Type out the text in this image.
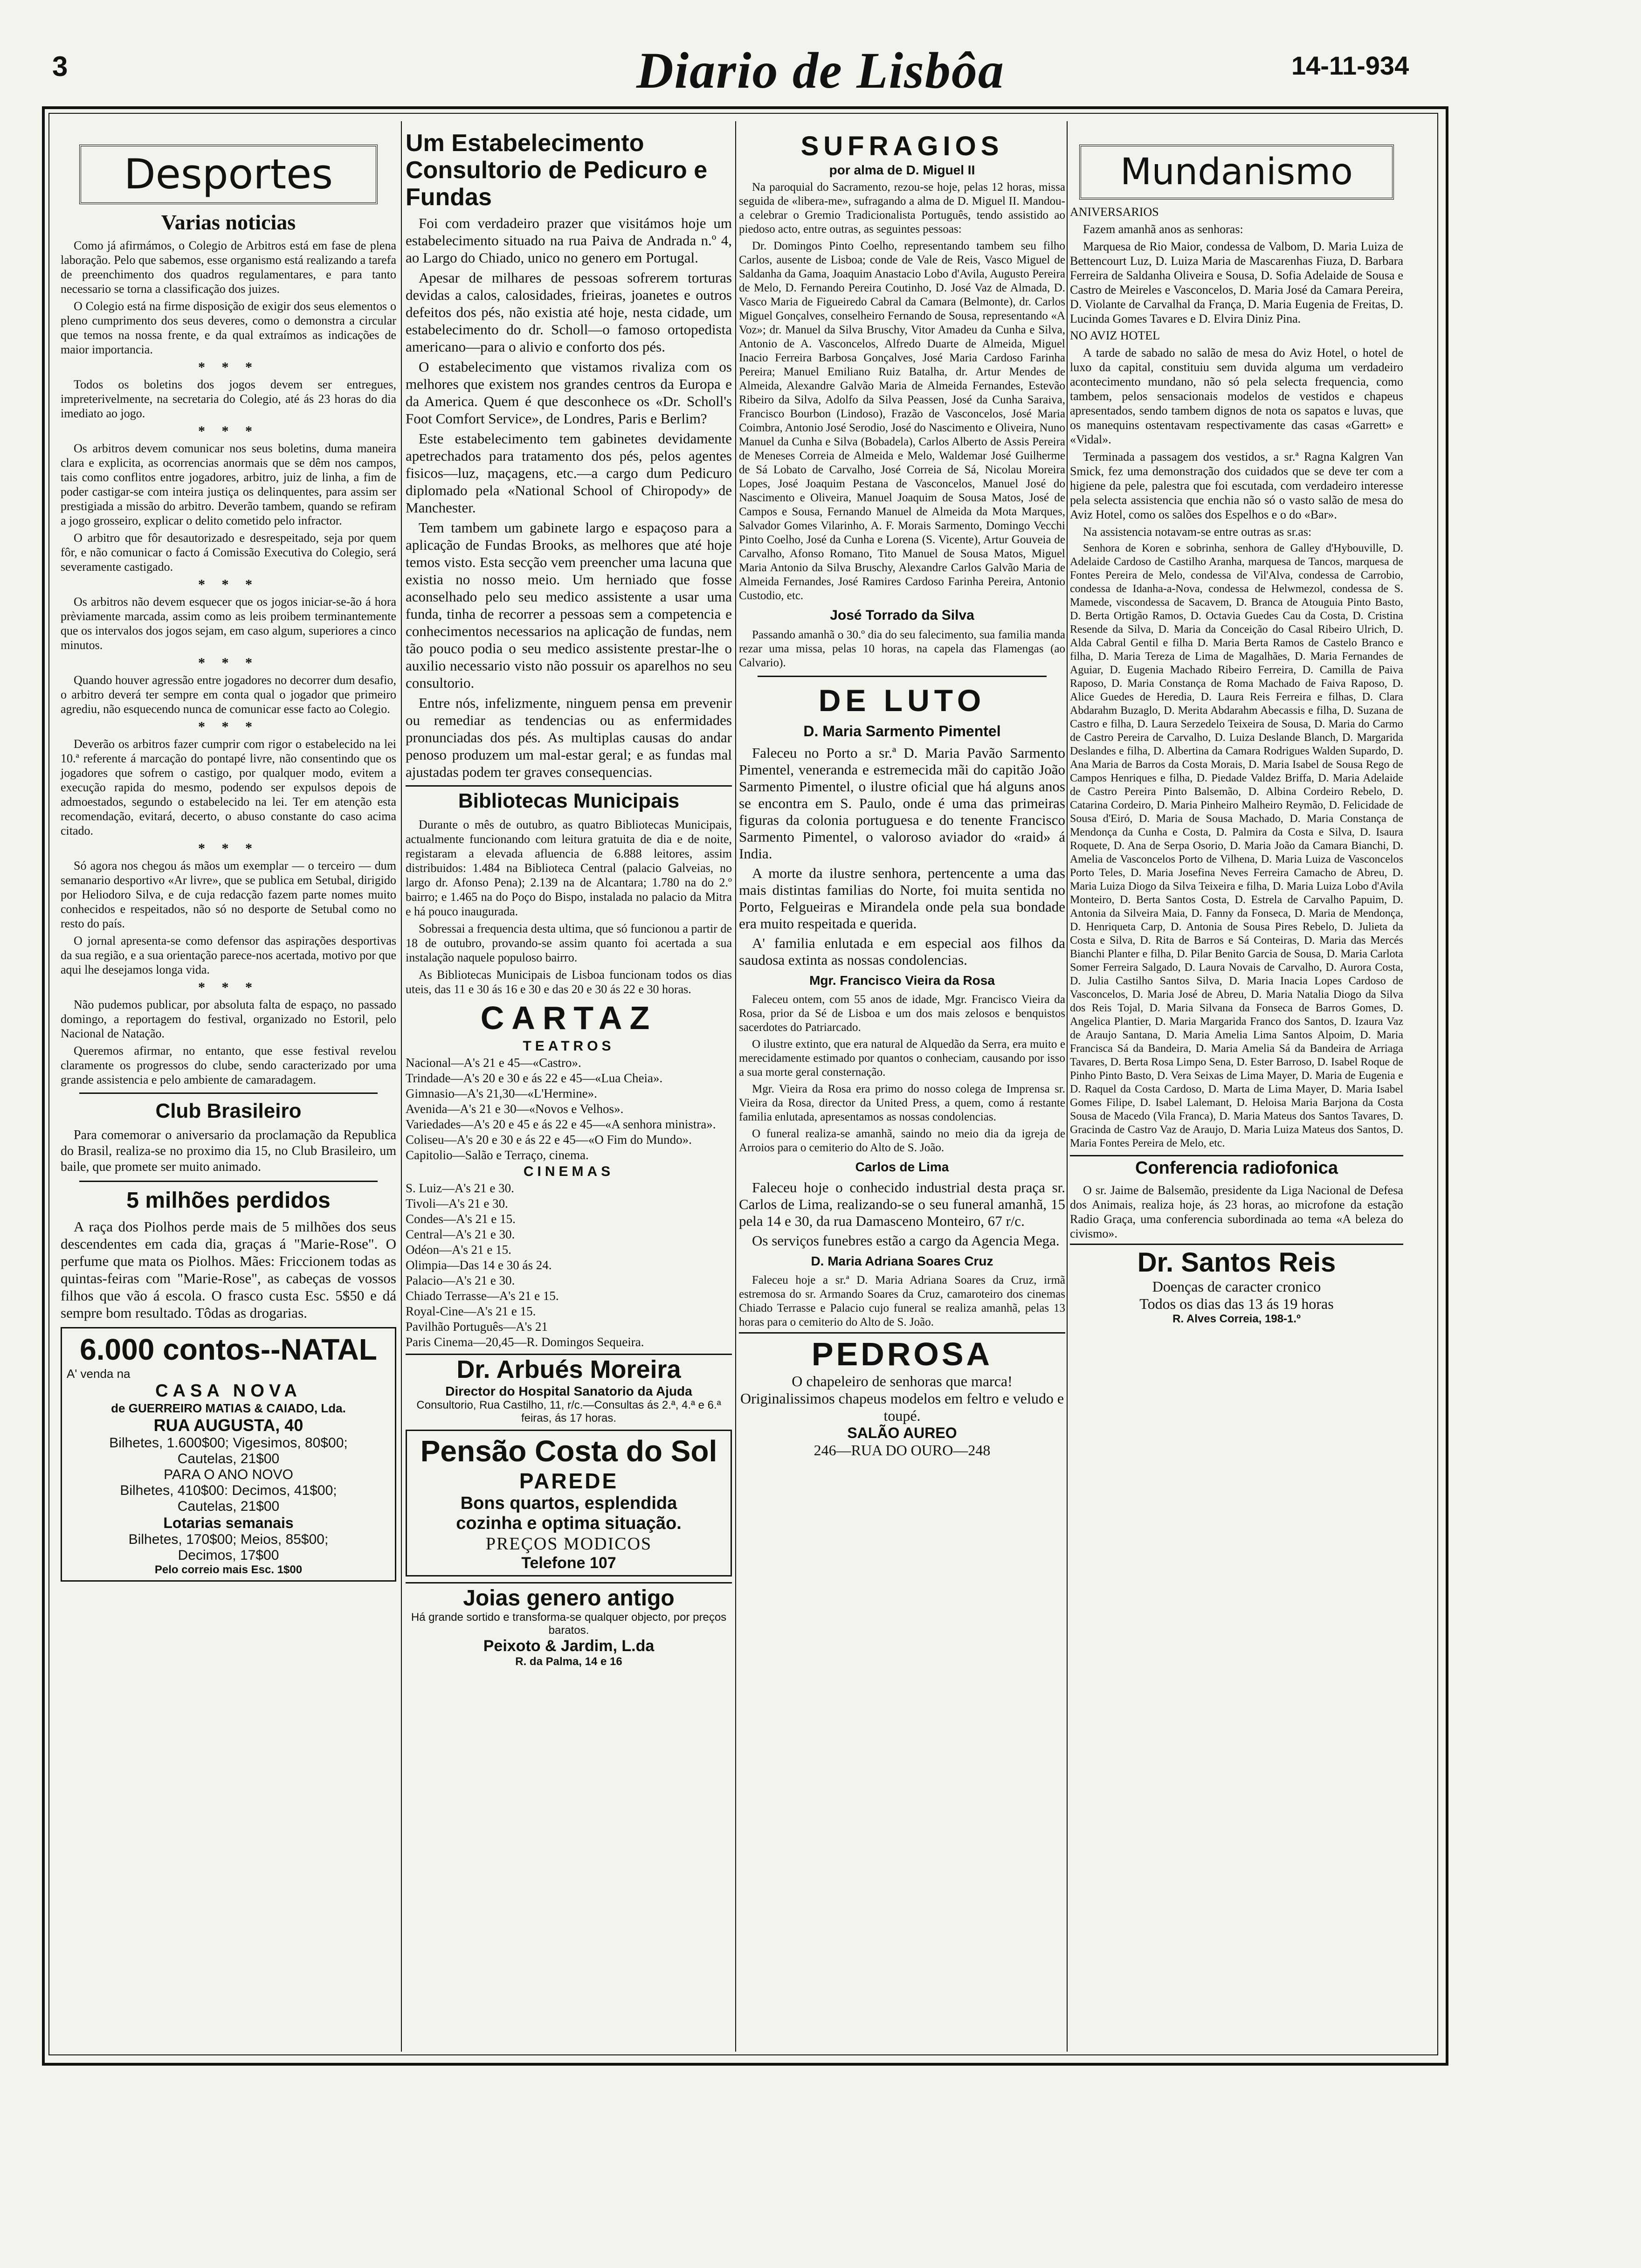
3	Diario de Lisbôa	14-11-934
Desportes
Varias noticias

Como já afirmámos, o Colegio de Arbitros está em fase de plena laboração. Pelo que sabemos, esse organismo está realizando a tarefa de preenchimento dos quadros regulamentares, e para tanto necessario se torna a classificação dos juizes.

O Colegio está na firme disposição de exigir dos seus elementos o pleno cumprimento dos seus deveres, como o demonstra a circular que temos na nossa frente, e da qual extraímos as indicações de maior importancia.

* * *

Todos os boletins dos jogos devem ser entregues, impreterivelmente, na secretaria do Colegio, até ás 23 horas do dia imediato ao jogo.

* * *

Os arbitros devem comunicar nos seus boletins, duma maneira clara e explicita, as ocorrencias anormais que se dêm nos campos, tais como conflitos entre jogadores, arbitro, juiz de linha, a fim de poder castigar-se com inteira justiça os delinquentes, para assim ser prestigiada a missão do arbitro. Deverão tambem, quando se refiram a jogo grosseiro, explicar o delito cometido pelo infractor.

O arbitro que fôr desautorizado e desrespeitado, seja por quem fôr, e não comunicar o facto á Comissão Executiva do Colegio, será severamente castigado.

* * *

Os arbitros não devem esquecer que os jogos iniciar-se-ão á hora prèviamente marcada, assim como as leis proibem terminantemente que os intervalos dos jogos sejam, em caso algum, superiores a cinco minutos.

* * *

Quando houver agressão entre jogadores no decorrer dum desafio, o arbitro deverá ter sempre em conta qual o jogador que primeiro agrediu, não esquecendo nunca de comunicar esse facto ao Colegio.

* * *

Deverão os arbitros fazer cumprir com rigor o estabelecido na lei 10.ª referente á marcação do pontapé livre, não consentindo que os jogadores que sofrem o castigo, por qualquer modo, evitem a execução rapida do mesmo, podendo ser expulsos depois de admoestados, segundo o estabelecido na lei. Ter em atenção esta recomendação, evitará, decerto, o abuso constante do caso acima citado.

* * *

Só agora nos chegou ás mãos um exemplar — o terceiro — dum semanario desportivo «Ar livre», que se publica em Setubal, dirigido por Heliodoro Silva, e de cuja redacção fazem parte nomes muito conhecidos e respeitados, não só no desporte de Setubal como no resto do país.

O jornal apresenta-se como defensor das aspirações desportivas da sua região, e a sua orientação parece-nos acertada, motivo por que aqui lhe desejamos longa vida.

* * *

Não pudemos publicar, por absoluta falta de espaço, no passado domingo, a reportagem do festival, organizado no Estoril, pelo Nacional de Natação.

Queremos afirmar, no entanto, que esse festival revelou claramente os progressos do clube, sendo caracterizado por uma grande assistencia e pelo ambiente de camaradagem.

Club Brasileiro

Para comemorar o aniversario da proclamação da Republica do Brasil, realiza-se no proximo dia 15, no Club Brasileiro, um baile, que promete ser muito animado.

5 milhões perdidos

A raça dos Piolhos perde mais de 5 milhões dos seus descendentes em cada dia, graças á "Marie-Rose". O perfume que mata os Piolhos. Mães: Friccionem todas as quintas-feiras com "Marie-Rose", as cabeças de vossos filhos que vão á escola. O frasco custa Esc. 5$50 e dá sempre bom resultado. Tôdas as drogarias.

6.000 contos--NATAL
A' venda na
CASA NOVA
de GUERREIRO MATIAS & CAIADO, Lda.
RUA AUGUSTA, 40
Bilhetes, 1.600$00; Vigesimos, 80$00;
Cautelas, 21$00
PARA O ANO NOVO
Bilhetes, 410$00: Decimos, 41$00;
Cautelas, 21$00
Lotarias semanais
Bilhetes, 170$00; Meios, 85$00;
Decimos, 17$00
Pelo correio mais Esc. 1$00
Um Estabelecimento Consultorio de Pedicuro e Fundas

Foi com verdadeiro prazer que visitámos hoje um estabelecimento situado na rua Paiva de Andrada n.º 4, ao Largo do Chiado, unico no genero em Portugal.

Apesar de milhares de pessoas sofrerem torturas devidas a calos, calosidades, frieiras, joanetes e outros defeitos dos pés, não existia até hoje, nesta cidade, um estabelecimento do dr. Scholl—o famoso ortopedista americano—para o alivio e conforto dos pés.

O estabelecimento que vistamos rivaliza com os melhores que existem nos grandes centros da Europa e da America. Quem é que desconhece os «Dr. Scholl's Foot Comfort Service», de Londres, Paris e Berlim?

Este estabelecimento tem gabinetes devidamente apetrechados para tratamento dos pés, pelos agentes fisicos—luz, maçagens, etc.—a cargo dum Pedicuro diplomado pela «National School of Chiropody» de Manchester.

Tem tambem um gabinete largo e espaçoso para a aplicação de Fundas Brooks, as melhores que até hoje temos visto. Esta secção vem preencher uma lacuna que existia no nosso meio. Um herniado que fosse aconselhado pelo seu medico assistente a usar uma funda, tinha de recorrer a pessoas sem a competencia e conhecimentos necessarios na aplicação de fundas, nem tão pouco podia o seu medico assistente prestar-lhe o auxilio necessario visto não possuir os aparelhos no seu consultorio.

Entre nós, infelizmente, ninguem pensa em prevenir ou remediar as tendencias ou as enfermidades pronunciadas dos pés. As multiplas causas do andar penoso produzem um mal-estar geral; e as fundas mal ajustadas podem ter graves consequencias.

Bibliotecas Municipais

Durante o mês de outubro, as quatro Bibliotecas Municipais, actualmente funcionando com leitura gratuita de dia e de noite, registaram a elevada afluencia de 6.888 leitores, assim distribuidos: 1.484 na Biblioteca Central (palacio Galveias, no largo dr. Afonso Pena); 2.139 na de Alcantara; 1.780 na do 2.º bairro; e 1.465 na do Poço do Bispo, instalada no palacio da Mitra e há pouco inaugurada.

Sobressai a frequencia desta ultima, que só funcionou a partir de 18 de outubro, provando-se assim quanto foi acertada a sua instalação naquele populoso bairro.

As Bibliotecas Municipais de Lisboa funcionam todos os dias uteis, das 11 e 30 ás 16 e 30 e das 20 e 30 ás 22 e 30 horas.

CARTAZ
TEATROS
Nacional—A's 21 e 45—«Castro».
Trindade—A's 20 e 30 e ás 22 e 45—«Lua Cheia».
Gimnasio—A's 21,30—«L'Hermine».
Avenida—A's 21 e 30—«Novos e Velhos».
Variedades—A's 20 e 45 e ás 22 e 45—«A senhora ministra».
Coliseu—A's 20 e 30 e ás 22 e 45—«O Fim do Mundo».
Capitolio—Salão e Terraço, cinema.
CINEMAS
S. Luiz—A's 21 e 30.
Tivoli—A's 21 e 30.
Condes—A's 21 e 15.
Central—A's 21 e 30.
Odéon—A's 21 e 15.
Olimpia—Das 14 e 30 ás 24.
Palacio—A's 21 e 30.
Chiado Terrasse—A's 21 e 15.
Royal-Cine—A's 21 e 15.
Pavilhão Português—A's 21
Paris Cinema—20,45—R. Domingos Sequeira.
Dr. Arbués Moreira
Director do Hospital Sanatorio da Ajuda
Consultorio, Rua Castilho, 11, r/c.—Consultas ás 2.ª, 4.ª e 6.ª feiras, ás 17 horas.
Pensão Costa do Sol
PAREDE
Bons quartos, esplendida
cozinha e optima situação.
PREÇOS MODICOS
Telefone 107
Joias genero antigo
Há grande sortido e transforma-se qualquer objecto, por preços baratos.
Peixoto & Jardim, L.da
R. da Palma, 14 e 16
SUFRAGIOS
por alma de D. Miguel II

Na paroquial do Sacramento, rezou-se hoje, pelas 12 horas, missa seguida de «libera-me», sufragando a alma de D. Miguel II. Mandou-a celebrar o Gremio Tradicionalista Português, tendo assistido ao piedoso acto, entre outras, as seguintes pessoas:

Dr. Domingos Pinto Coelho, representando tambem seu filho Carlos, ausente de Lisboa; conde de Vale de Reis, Vasco Miguel de Saldanha da Gama, Joaquim Anastacio Lobo d'Avila, Augusto Pereira de Melo, D. Fernando Pereira Coutinho, D. José Vaz de Almada, D. Vasco Maria de Figueiredo Cabral da Camara (Belmonte), dr. Carlos Miguel Gonçalves, conselheiro Fernando de Sousa, representando «A Voz»; dr. Manuel da Silva Bruschy, Vitor Amadeu da Cunha e Silva, Antonio de A. Vasconcelos, Alfredo Duarte de Almeida, Miguel Inacio Ferreira Barbosa Gonçalves, José Maria Cardoso Farinha Pereira; Manuel Emiliano Ruiz Batalha, dr. Artur Mendes de Almeida, Alexandre Galvão Maria de Almeida Fernandes, Estevão Ribeiro da Silva, Adolfo da Silva Peassen, José da Cunha Saraiva, Francisco Bourbon (Lindoso), Frazão de Vasconcelos, José Maria Coimbra, Antonio José Serodio, José do Nascimento e Oliveira, Nuno Manuel da Cunha e Silva (Bobadela), Carlos Alberto de Assis Pereira de Meneses Correia de Almeida e Melo, Waldemar José Guilherme de Sá Lobato de Carvalho, José Correia de Sá, Nicolau Moreira Lopes, José Joaquim Pestana de Vasconcelos, Manuel José do Nascimento e Oliveira, Manuel Joaquim de Sousa Matos, José de Campos e Sousa, Fernando Manuel de Almeida da Mota Marques, Salvador Gomes Vilarinho, A. F. Morais Sarmento, Domingo Vecchi Pinto Coelho, José da Cunha e Lorena (S. Vicente), Artur Gouveia de Carvalho, Afonso Romano, Tito Manuel de Sousa Matos, Miguel Maria Antonio da Silva Bruschy, Alexandre Carlos Galvão Maria de Almeida Fernandes, José Ramires Cardoso Farinha Pereira, Antonio Custodio, etc.

José Torrado da Silva

Passando amanhã o 30.º dia do seu falecimento, sua familia manda rezar uma missa, pelas 10 horas, na capela das Flamengas (ao Calvario).

DE LUTO
D. Maria Sarmento Pimentel

Faleceu no Porto a sr.ª D. Maria Pavão Sarmento Pimentel, veneranda e estremecida mãi do capitão João Sarmento Pimentel, o ilustre oficial que há alguns anos se encontra em S. Paulo, onde é uma das primeiras figuras da colonia portuguesa e do tenente Francisco Sarmento Pimentel, o valoroso aviador do «raid» á India.

A morte da ilustre senhora, pertencente a uma das mais distintas familias do Norte, foi muita sentida no Porto, Felgueiras e Mirandela onde pela sua bondade era muito respeitada e querida.

A' familia enlutada e em especial aos filhos da saudosa extinta as nossas condolencias.

Mgr. Francisco Vieira da Rosa

Faleceu ontem, com 55 anos de idade, Mgr. Francisco Vieira da Rosa, prior da Sé de Lisboa e um dos mais zelosos e benquistos sacerdotes do Patriarcado.

O ilustre extinto, que era natural de Alquedão da Serra, era muito e merecidamente estimado por quantos o conheciam, causando por isso a sua morte geral consternação.

Mgr. Vieira da Rosa era primo do nosso colega de Imprensa sr. Vieira da Rosa, director da United Press, a quem, como á restante familia enlutada, apresentamos as nossas condolencias.

O funeral realiza-se amanhã, saindo no meio dia da igreja de Arroios para o cemiterio do Alto de S. João.

Carlos de Lima

Faleceu hoje o conhecido industrial desta praça sr. Carlos de Lima, realizando-se o seu funeral amanhã, 15 pela 14 e 30, da rua Damasceno Monteiro, 67 r/c.

Os serviços funebres estão a cargo da Agencia Mega.

D. Maria Adriana Soares Cruz

Faleceu hoje a sr.ª D. Maria Adriana Soares da Cruz, irmã estremosa do sr. Armando Soares da Cruz, camaroteiro dos cinemas Chiado Terrasse e Palacio cujo funeral se realiza amanhã, pelas 13 horas para o cemiterio do Alto de S. João.

PEDROSA
O chapeleiro de senhoras que marca!
Originalissimos chapeus modelos em feltro e veludo e toupé.
SALÃO AUREO
246—RUA DO OURO—248
Mundanismo
ANIVERSARIOS

Fazem amanhã anos as senhoras:

Marquesa de Rio Maior, condessa de Valbom, D. Maria Luiza de Bettencourt Luz, D. Luiza Maria de Mascarenhas Fiuza, D. Barbara Ferreira de Saldanha Oliveira e Sousa, D. Sofia Adelaide de Sousa e Castro de Meireles e Vasconcelos, D. Maria José da Camara Pereira, D. Violante de Carvalhal da França, D. Maria Eugenia de Freitas, D. Lucinda Gomes Tavares e D. Elvira Diniz Pina.

NO AVIZ HOTEL

A tarde de sabado no salão de mesa do Aviz Hotel, o hotel de luxo da capital, constituiu sem duvida alguma um verdadeiro acontecimento mundano, não só pela selecta frequencia, como tambem, pelos sensacionais modelos de vestidos e chapeus apresentados, sendo tambem dignos de nota os sapatos e luvas, que os manequins ostentavam respectivamente das casas «Garrett» e «Vidal».

Terminada a passagem dos vestidos, a sr.ª Ragna Kalgren Van Smick, fez uma demonstração dos cuidados que se deve ter com a higiene da pele, palestra que foi escutada, com verdadeiro interesse pela selecta assistencia que enchia não só o vasto salão de mesa do Aviz Hotel, como os salões dos Espelhos e o do «Bar».

Na assistencia notavam-se entre outras as sr.as:

Senhora de Koren e sobrinha, senhora de Galley d'Hybouville, D. Adelaide Cardoso de Castilho Aranha, marquesa de Tancos, marquesa de Fontes Pereira de Melo, condessa de Vil'Alva, condessa de Carrobio, condessa de Idanha-a-Nova, condessa de Helwmezol, condessa de S. Mamede, viscondessa de Sacavem, D. Branca de Atouguia Pinto Basto, D. Berta Ortigão Ramos, D. Octavia Guedes Cau da Costa, D. Cristina Resende da Silva, D. Maria da Conceição do Casal Ribeiro Ulrich, D. Alda Cabral Gentil e filha D. Maria Berta Ramos de Castelo Branco e filha, D. Maria Tereza de Lima de Magalhães, D. Maria Fernandes de Aguiar, D. Eugenia Machado Ribeiro Ferreira, D. Camilla de Paiva Raposo, D. Maria Constança de Roma Machado de Faiva Raposo, D. Alice Guedes de Heredia, D. Laura Reis Ferreira e filhas, D. Clara Abdarahm Buzaglo, D. Merita Abdarahm Abecassis e filha, D. Suzana de Castro e filha, D. Laura Serzedelo Teixeira de Sousa, D. Maria do Carmo de Castro Pereira de Carvalho, D. Luiza Deslande Blanch, D. Margarida Deslandes e filha, D. Albertina da Camara Rodrigues Walden Supardo, D. Ana Maria de Barros da Costa Morais, D. Maria Isabel de Sousa Rego de Campos Henriques e filha, D. Piedade Valdez Briffa, D. Maria Adelaide de Castro Pereira Pinto Balsemão, D. Albina Cordeiro Rebelo, D. Catarina Cordeiro, D. Maria Pinheiro Malheiro Reymão, D. Felicidade de Sousa d'Eiró, D. Maria de Sousa Machado, D. Maria Constança de Mendonça da Cunha e Costa, D. Palmira da Costa e Silva, D. Isaura Roquete, D. Ana de Serpa Osorio, D. Maria João da Camara Bianchi, D. Amelia de Vasconcelos Porto de Vilhena, D. Maria Luiza de Vasconcelos Porto Teles, D. Maria Josefina Neves Ferreira Camacho de Abreu, D. Maria Luiza Diogo da Silva Teixeira e filha, D. Maria Luiza Lobo d'Avila Monteiro, D. Berta Santos Costa, D. Estrela de Carvalho Papuim, D. Antonia da Silveira Maia, D. Fanny da Fonseca, D. Maria de Mendonça, D. Henriqueta Carp, D. Antonia de Sousa Pires Rebelo, D. Julieta da Costa e Silva, D. Rita de Barros e Sá Conteiras, D. Maria das Mercés Bianchi Planter e filha, D. Pilar Benito Garcia de Sousa, D. Maria Carlota Somer Ferreira Salgado, D. Laura Novais de Carvalho, D. Aurora Costa, D. Julia Castilho Santos Silva, D. Maria Inacia Lopes Cardoso de Vasconcelos, D. Maria José de Abreu, D. Maria Natalia Diogo da Silva dos Reis Tojal, D. Maria Silvana da Fonseca de Barros Gomes, D. Angelica Plantier, D. Maria Margarida Franco dos Santos, D. Izaura Vaz de Araujo Santana, D. Maria Amelia Lima Santos Alpoim, D. Maria Francisca Sá da Bandeira, D. Maria Amelia Sá da Bandeira de Arriaga Tavares, D. Berta Rosa Limpo Sena, D. Ester Barroso, D. Isabel Roque de Pinho Pinto Basto, D. Vera Seixas de Lima Mayer, D. Maria de Eugenia e D. Raquel da Costa Cardoso, D. Marta de Lima Mayer, D. Maria Isabel Gomes Filipe, D. Isabel Lalemant, D. Heloisa Maria Barjona da Costa Sousa de Macedo (Vila Franca), D. Maria Mateus dos Santos Tavares, D. Gracinda de Castro Vaz de Araujo, D. Maria Luiza Mateus dos Santos, D. Maria Fontes Pereira de Melo, etc.

Conferencia radiofonica

O sr. Jaime de Balsemão, presidente da Liga Nacional de Defesa dos Animais, realiza hoje, ás 23 horas, ao microfone da estação Radio Graça, uma conferencia subordinada ao tema «A beleza do civismo».

Dr. Santos Reis
Doenças de caracter cronico
Todos os dias das 13 ás 19 horas
R. Alves Correia, 198-1.º
